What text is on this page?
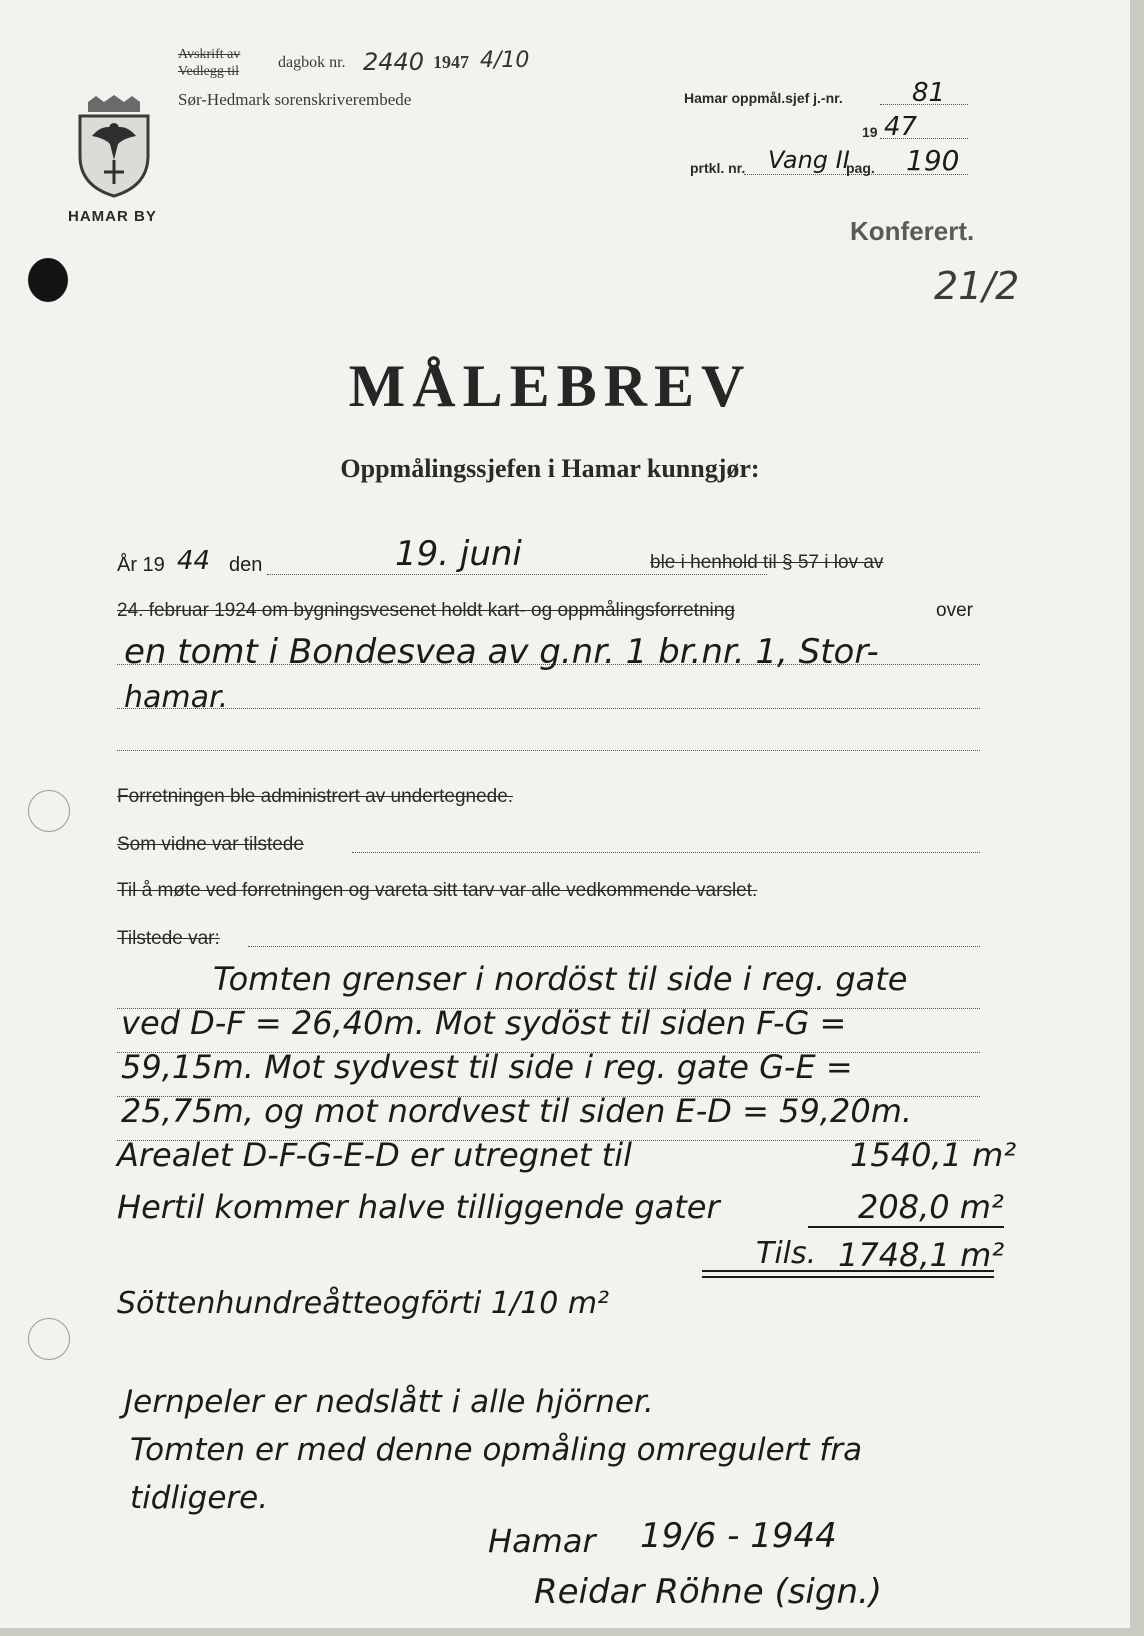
Avskrift av
Vedlegg til
dagbok nr. 2440 1947 4/10
Sør-Hedmark sorenskriverembede
HAMAR BY
Hamar oppmål.sjef j.-nr.	81
19 47
prtkl. nr. Vang II
pag. 190
Konferert.
21/2
MÅLEBREV
Oppmålingssjefen i Hamar kunngjør:
År 19 44 den	19. juni	ble i henhold til § 57 i lov av
24. februar 1924 om bygningsvesenet holdt kart- og oppmålingsforretning	over
en tomt i Bondesvea av g.nr. 1 br.nr. 1, Stor-
hamar.
Forretningen ble administrert av undertegnede.
Som vidne var tilstede
Til å møte ved forretningen og vareta sitt tarv var alle vedkommende varslet.
Tilstede var:
Tomten grenser i nordöst til side i reg. gate
ved D-F = 26,40m. Mot sydöst til siden F-G =
59,15m. Mot sydvest til side i reg. gate G-E =
25,75m, og mot nordvest til siden E-D = 59,20m.
Arealet D-F-G-E-D er utregnet til	1540,1 m²
Hertil kommer halve tilliggende gater	208,0 m²
Tils. 1748,1 m²
Söttenhundreåtteogförti 1/10 m²
Jernpeler er nedslått i alle hjörner.
Tomten er med denne opmåling omregulert fra
tidligere.
Hamar 19/6 - 1944
Reidar Röhne (sign.)
